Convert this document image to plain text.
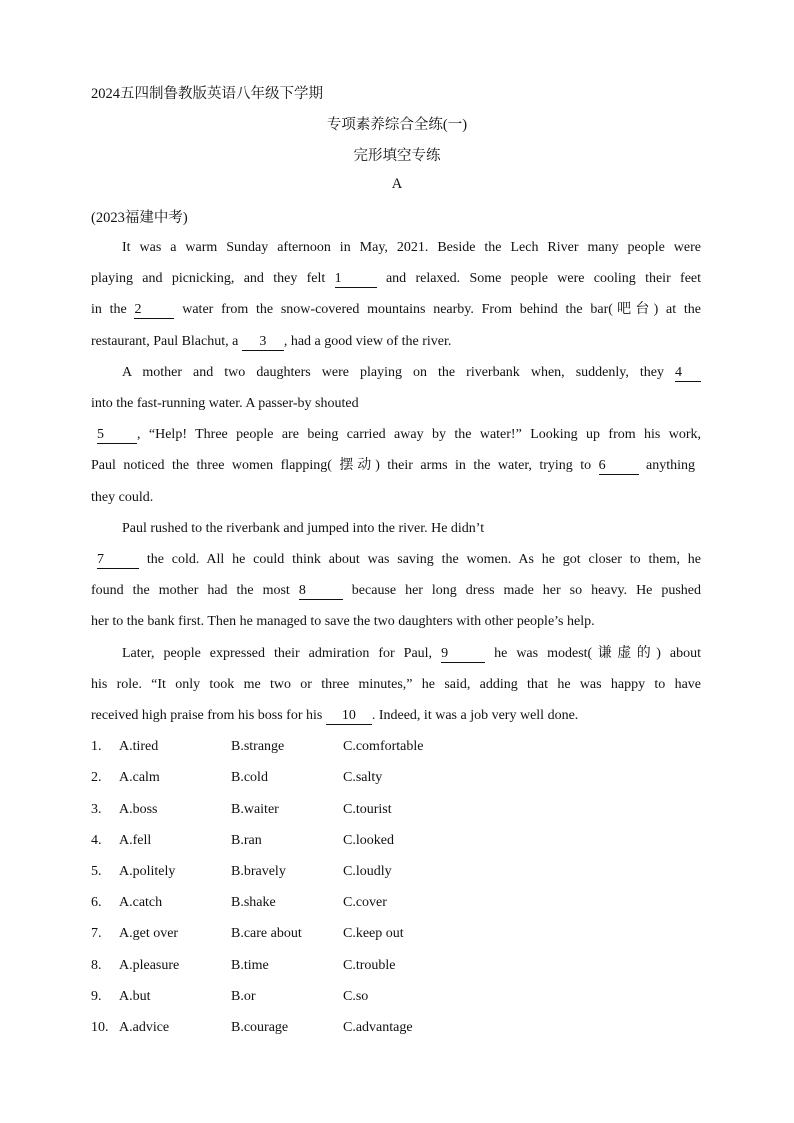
2024五四制鲁教版英语八年级下学期
专项素养综合全练(一)
完形填空专练
A
(2023福建中考)
It was a warm Sunday afternoon in May, 2021. Beside the Lech River many people were
playing and picnicking, and they felt 1	and relaxed. Some people were cooling their feet
in the 2	water from the snow-covered mountains nearby. From behind the bar(吧台) at the
restaurant, Paul Blachut, a 3 , had a good view of the river.
A mother and two daughters were playing on the riverbank when, suddenly, they 4
into the fast-running water. A passer-by shouted
5 , “Help! Three people are being carried away by the water!” Looking up from his work,
Paul noticed the three women flapping( 摆动) their arms in the water, trying to 6	anything
they could.
Paul rushed to the riverbank and jumped into the river. He didn’t
7	the cold. All he could think about was saving the women. As he got closer to them, he
found the mother had the most 8	because her long dress made her so heavy. He pushed
her to the bank first. Then he managed to save the two daughters with other people’s help.
Later, people expressed their admiration for Paul, 9	he was modest(谦虚的) about
his role. “It only took me two or three minutes,” he said, adding that he was happy to have
received high praise from his boss for his 10 . Indeed, it was a job very well done.
1. A.tired	B.strange	C.comfortable
2. A.calm	B.cold	C.salty
3. A.boss	B.waiter	C.tourist
4. A.fell	B.ran	C.looked
5. A.politely	B.bravely	C.loudly
6. A.catch	B.shake	C.cover
7. A.get over	B.care about	C.keep out
8. A.pleasure	B.time	C.trouble
9. A.but	B.or	C.so
10. A.advice	B.courage	C.advantage
